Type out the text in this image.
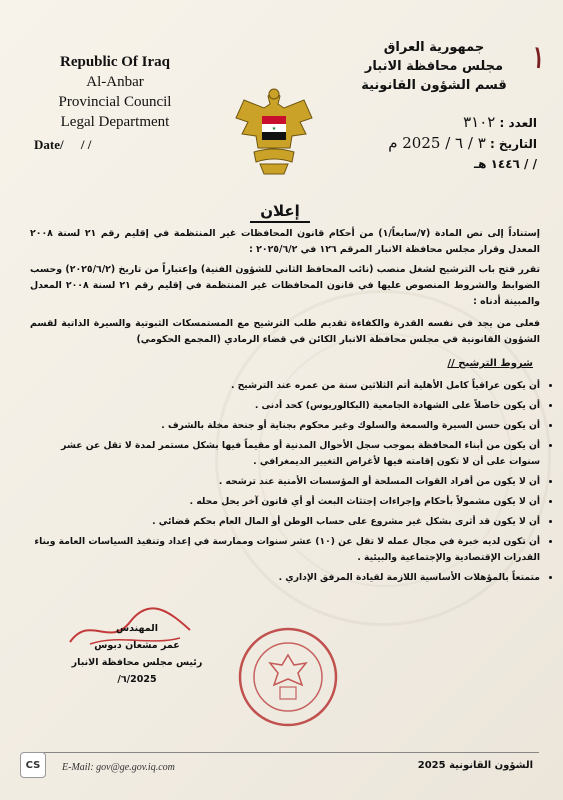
Republic Of Iraq
Al-Anbar
Provincial Council
Legal Department
Date/ / /
جمهورية العراق
مجلس محافظة الانبار
قسم الشؤون القانونية
١
العدد : ٣١٠٢
التاريخ : ٣ / ٦ / 2025 م
/ / ١٤٤٦ هـ
★
إعلان
إستناداً إلى نص المادة (٧/سابعاً/١) من أحكام قانون المحافظات غير المنتظمة في إقليم رقم ٢١ لسنة ٢٠٠٨ المعدل وقرار مجلس محافظة الانبار المرقم ١٢٦ في ٢٠٢٥/٦/٢ :
تقرر فتح باب الترشيح لشغل منصب (نائب المحافظ الثاني للشؤون الفنية) وإعتباراً من تاريخ (٢٠٢٥/٦/٢) وحسب الضوابط والشروط المنصوص عليها في قانون المحافظات غير المنتظمة في إقليم رقم ٢١ لسنة ٢٠٠٨ المعدل والمبينة أدناه :
فعلى من يجد في نفسه القدرة والكفاءة تقديم طلب الترشيح مع المستمسكات الثبوتية والسيرة الذاتية لقسم الشؤون القانونية في مجلس محافظة الانبار الكائن في قضاء الرمادي (المجمع الحكومي)
شروط الترشيح //
• أن يكون عراقياً كامل الأهلية أتم الثلاثين سنة من عمره عند الترشيح .
• أن يكون حاصلاً على الشهادة الجامعية (البكالوريوس) كحد أدنى .
• أن يكون حسن السيرة والسمعة والسلوك وغير محكوم بجناية أو جنحة مخلة بالشرف .
• أن يكون من أبناء المحافظة بموجب سجل الأحوال المدنية أو مقيماً فيها بشكل مستمر لمدة لا تقل عن عشر سنوات على أن لا تكون إقامته فيها لأغراض التغيير الديمغرافي .
• أن لا يكون من أفراد القوات المسلحة أو المؤسسات الأمنية عند ترشحه .
• أن لا يكون مشمولاً بأحكام وإجراءات إجتثاث البعث أو أي قانون آخر يحل محله .
• أن لا يكون قد أثرى بشكل غير مشروع على حساب الوطن أو المال العام بحكم قضائي .
• أن تكون لديه خبرة في مجال عمله لا تقل عن (١٠) عشر سنوات وممارسة في إعداد وتنفيذ السياسات العامة وبناء القدرات الإقتصادية والإجتماعية والبيئية .
• متمتعاً بالمؤهلات الأساسية اللازمة لقيادة المرفق الإداري .
المهندس
عمر مشعان دبوس
رئيس مجلس محافظة الانبار
2025/٦/
CS	E-Mail: gov@ge.gov.iq.com	الشؤون القانونية 2025
